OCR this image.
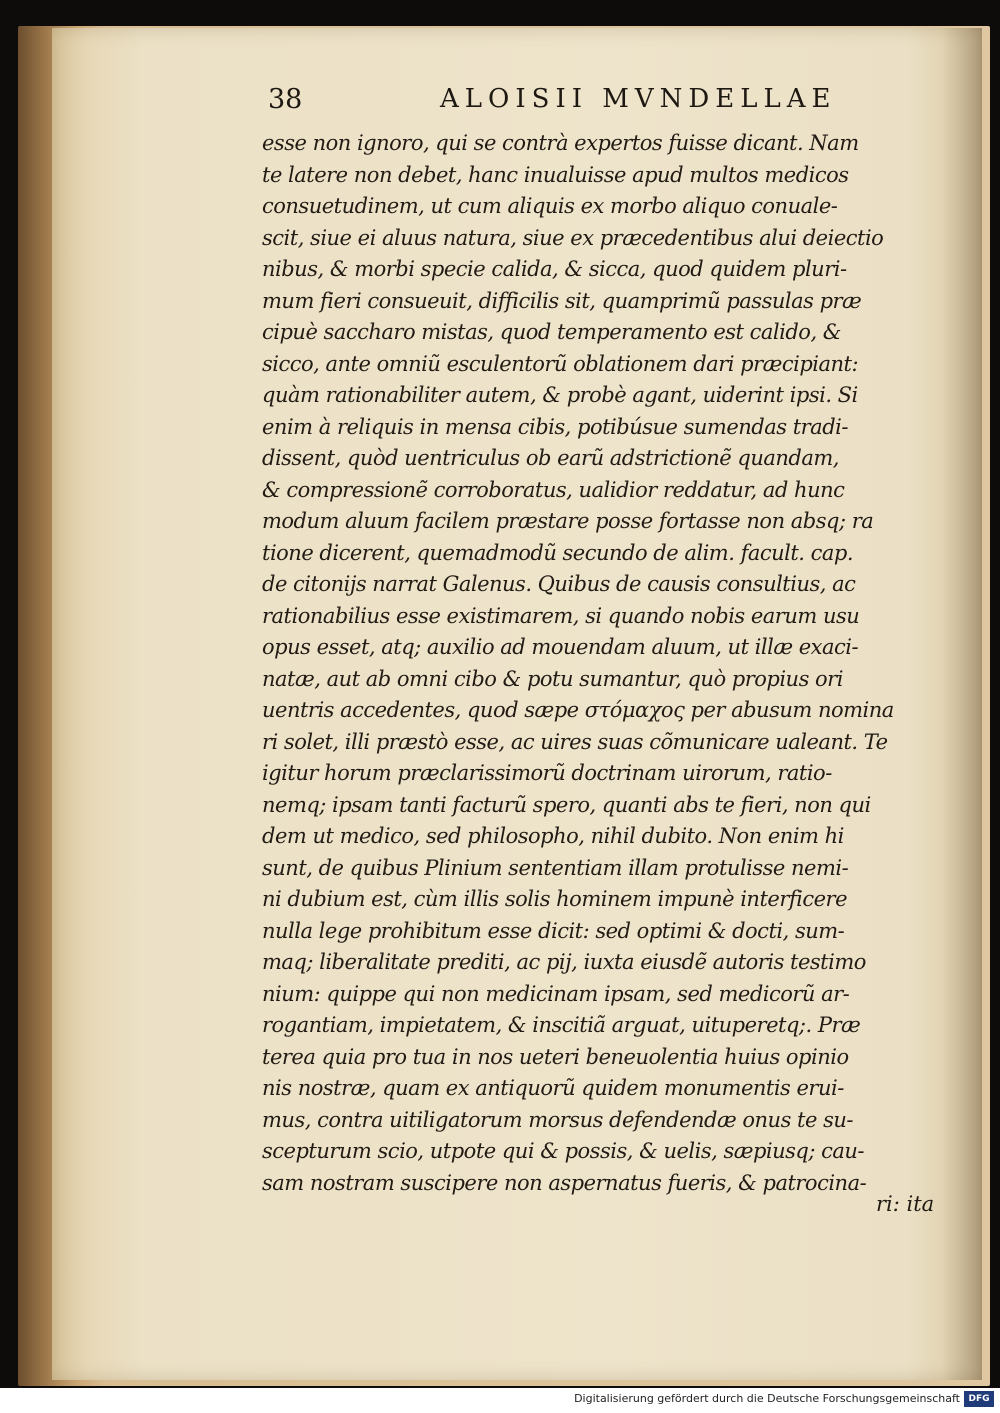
38	ALOISII MVNDELLAE
esse non ignoro, qui se contrà expertos fuisse dicant. Nam
te latere non debet, hanc inualuisse apud multos medicos
consuetudinem, ut cum aliquis ex morbo aliquo conuale-
scit, siue ei aluus natura, siue ex præcedentibus alui deiectio
nibus, & morbi specie calida, & sicca, quod quidem pluri-
mum fieri consueuit, difficilis sit, quamprimũ passulas præ
cipuè saccharo mistas, quod temperamento est calido, &
sicco, ante omniũ esculentorũ oblationem dari præcipiant:
quàm rationabiliter autem, & probè agant, uiderint ipsi. Si
enim à reliquis in mensa cibis, potibúsue sumendas tradi-
dissent, quòd uentriculus ob earũ adstrictionẽ quandam,
& compressionẽ corroboratus, ualidior reddatur, ad hunc
modum aluum facilem præstare posse fortasse non absq; ra
tione dicerent, quemadmodũ secundo de alim. facult. cap.
de citonijs narrat Galenus. Quibus de causis consultius, ac
rationabilius esse existimarem, si quando nobis earum usu
opus esset, atq; auxilio ad mouendam aluum, ut illæ exaci-
natæ, aut ab omni cibo & potu sumantur, quò propius ori
uentris accedentes, quod sæpe στόμαχος per abusum nomina
ri solet, illi præstò esse, ac uires suas cõmunicare ualeant. Te
igitur horum præclarissimorũ doctrinam uirorum, ratio-
nemq; ipsam tanti facturũ spero, quanti abs te fieri, non qui
dem ut medico, sed philosopho, nihil dubito. Non enim hi
sunt, de quibus Plinium sententiam illam protulisse nemi-
ni dubium est, cùm illis solis hominem impunè interficere
nulla lege prohibitum esse dicit: sed optimi & docti, sum-
maq; liberalitate prediti, ac pij, iuxta eiusdẽ autoris testimo
nium: quippe qui non medicinam ipsam, sed medicorũ ar-
rogantiam, impietatem, & inscitiã arguat, uituperetq;. Præ
terea quia pro tua in nos ueteri beneuolentia huius opinio
nis nostræ, quam ex antiquorũ quidem monumentis erui-
mus, contra uitiligatorum morsus defendendæ onus te su-
scepturum scio, utpote qui & possis, & uelis, sæpiusq; cau-
sam nostram suscipere non aspernatus fueris, & patrocina-
ri: ita
Digitalisierung gefördert durch die Deutsche Forschungsgemeinschaft DFG
